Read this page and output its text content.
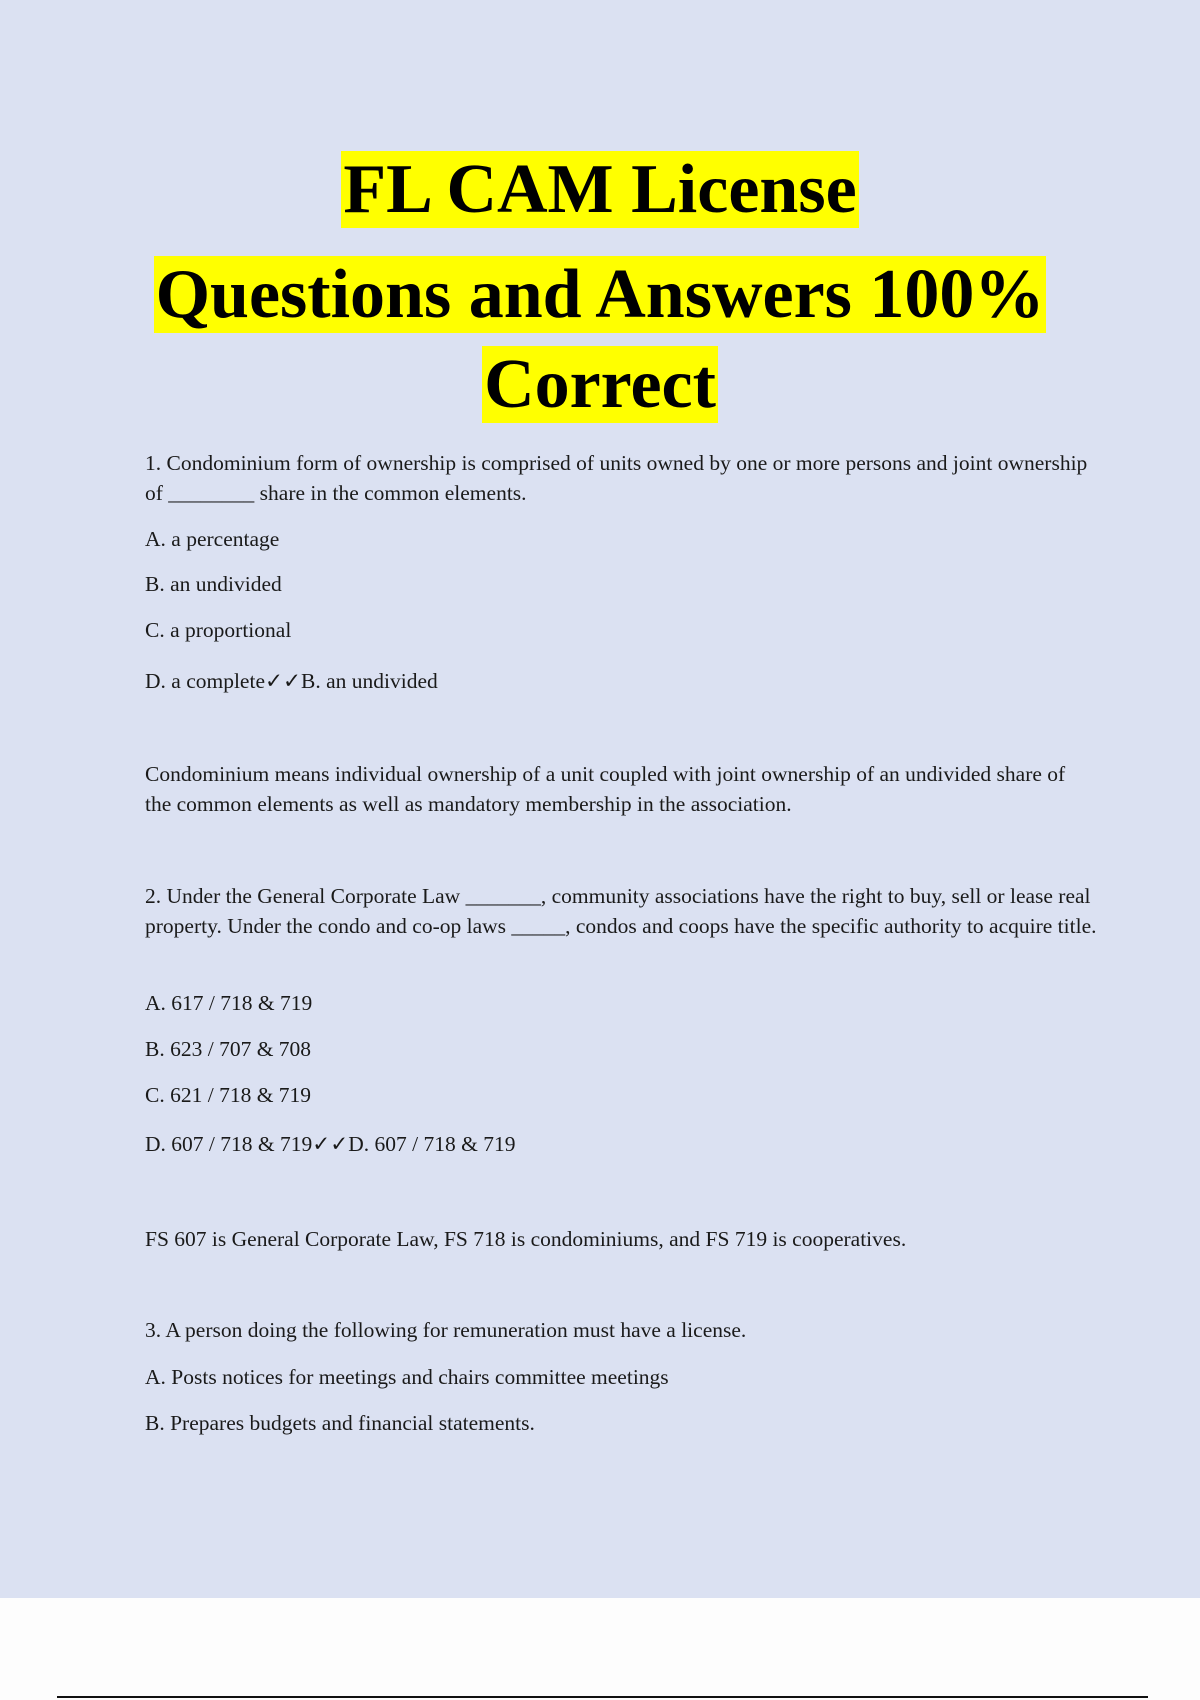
FL CAM License
Questions and Answers 100%
Correct
1. Condominium form of ownership is comprised of units owned by one or more persons and joint ownership of ________ share in the common elements.
A. a percentage
B. an undivided
C. a proportional
D. a complete✓✓B. an undivided
Condominium means individual ownership of a unit coupled with joint ownership of an undivided share of the common elements as well as mandatory membership in the association.
2. Under the General Corporate Law _______, community associations have the right to buy, sell or lease real property. Under the condo and co-op laws _____, condos and coops have the specific authority to acquire title.
A. 617 / 718 & 719
B. 623 / 707 & 708
C. 621 / 718 & 719
D. 607 / 718 & 719✓✓D. 607 / 718 & 719
FS 607 is General Corporate Law, FS 718 is condominiums, and FS 719 is cooperatives.
3. A person doing the following for remuneration must have a license.
A. Posts notices for meetings and chairs committee meetings
B. Prepares budgets and financial statements.
